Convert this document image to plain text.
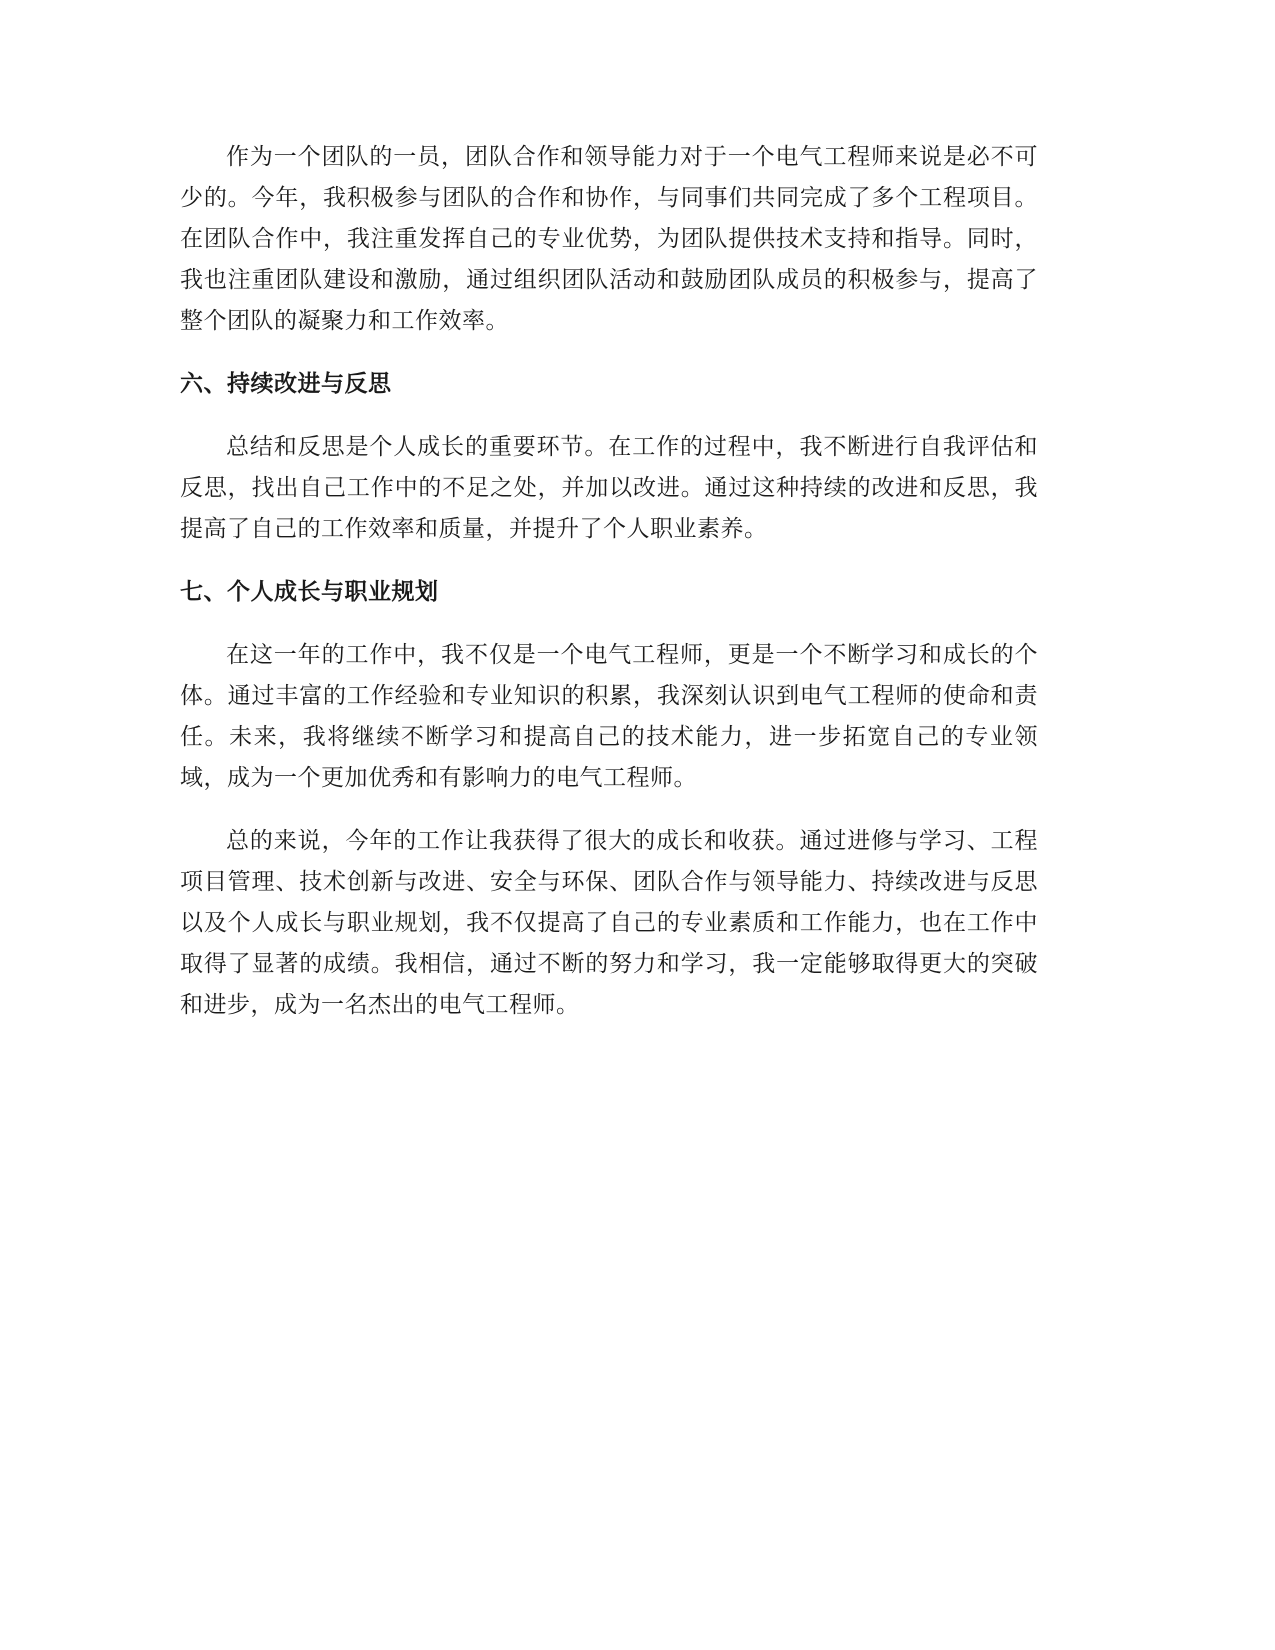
作为一个团队的一员，团队合作和领导能力对于一个电气工程师来说是必不可少的。今年，我积极参与团队的合作和协作，与同事们共同完成了多个工程项目。在团队合作中，我注重发挥自己的专业优势，为团队提供技术支持和指导。同时，我也注重团队建设和激励，通过组织团队活动和鼓励团队成员的积极参与，提高了整个团队的凝聚力和工作效率。

六、持续改进与反思

总结和反思是个人成长的重要环节。在工作的过程中，我不断进行自我评估和反思，找出自己工作中的不足之处，并加以改进。通过这种持续的改进和反思，我提高了自己的工作效率和质量，并提升了个人职业素养。

七、个人成长与职业规划

在这一年的工作中，我不仅是一个电气工程师，更是一个不断学习和成长的个体。通过丰富的工作经验和专业知识的积累，我深刻认识到电气工程师的使命和责任。未来，我将继续不断学习和提高自己的技术能力，进一步拓宽自己的专业领域，成为一个更加优秀和有影响力的电气工程师。

总的来说，今年的工作让我获得了很大的成长和收获。通过进修与学习、工程项目管理、技术创新与改进、安全与环保、团队合作与领导能力、持续改进与反思以及个人成长与职业规划，我不仅提高了自己的专业素质和工作能力，也在工作中取得了显著的成绩。我相信，通过不断的努力和学习，我一定能够取得更大的突破和进步，成为一名杰出的电气工程师。
